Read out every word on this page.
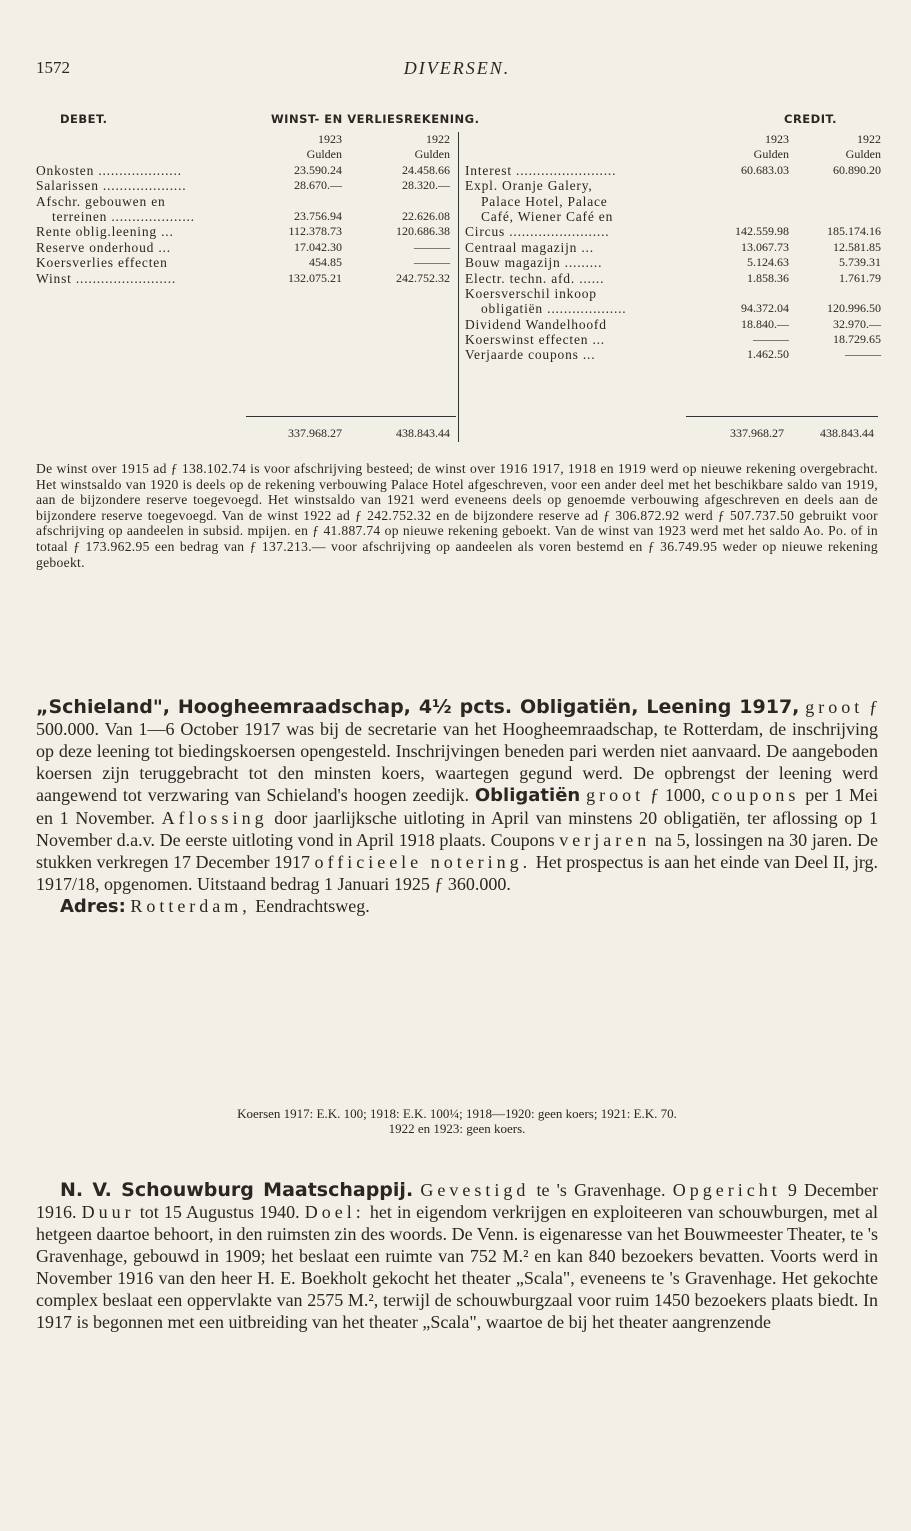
1572	DIVERSEN.
DEBET.	WINST- EN VERLIESREKENING.	CREDIT.
1923	1922
Gulden	Gulden
Onkosten ....................	23.590.24	24.458.66
Salarissen ....................	28.670.—	28.320.—
Afschr. gebouwen en
terreinen ....................	23.756.94	22.626.08
Rente oblig.leening ...	112.378.73	120.686.38
Reserve onderhoud ...	17.042.30	———
Koersverlies effecten	454.85	———
Winst ........................	132.075.21	242.752.32
1923	1922
Gulden	Gulden
Interest ........................	60.683.03	60.890.20
Expl. Oranje Galery,
Palace Hotel, Palace
Café, Wiener Café en
Circus ........................	142.559.98	185.174.16
Centraal magazijn ...	13.067.73	12.581.85
Bouw magazijn .........	5.124.63	5.739.31
Electr. techn. afd. ......	1.858.36	1.761.79
Koersverschil inkoop
obligatiën ...................	94.372.04	120.996.50
Dividend Wandelhoofd	18.840.—	32.970.—
Koerswinst effecten ...	———	18.729.65
Verjaarde coupons ...	1.462.50	———
337.968.27	438.843.44	337.968.27	438.843.44
De winst over 1915 ad ƒ 138.102.74 is voor afschrijving besteed; de winst over 1916 1917, 1918 en 1919 werd op nieuwe rekening overgebracht. Het winstsaldo van 1920 is deels op de rekening verbouwing Palace Hotel afgeschreven, voor een ander deel met het beschikbare saldo van 1919, aan de bijzondere reserve toegevoegd. Het winstsaldo van 1921 werd eveneens deels op genoemde verbouwing afgeschreven en deels aan de bijzondere reserve toegevoegd. Van de winst 1922 ad ƒ 242.752.32 en de bijzondere reserve ad ƒ 306.872.92 werd ƒ 507.737.50 gebruikt voor afschrijving op aandeelen in subsid. mpijen. en ƒ 41.887.74 op nieuwe rekening geboekt. Van de winst van 1923 werd met het saldo Ao. Po. of in totaal ƒ 173.962.95 een bedrag van ƒ 137.213.— voor afschrijving op aandeelen als voren bestemd en ƒ 36.749.95 weder op nieuwe rekening geboekt.
„Schieland", Hoogheemraadschap, 4½ pcts. Obligatiën, Leening 1917, groot ƒ 500.000. Van 1—6 October 1917 was bij de secretarie van het Hoogheemraadschap, te Rotterdam, de inschrijving op deze leening tot biedingskoersen opengesteld. Inschrijvingen beneden pari werden niet aanvaard. De aangeboden koersen zijn teruggebracht tot den minsten koers, waartegen gegund werd. De opbrengst der leening werd aangewend tot verzwaring van Schieland's hoogen zeedijk. Obligatiën groot ƒ 1000, coupons per 1 Mei en 1 November. Aflossing door jaarlijksche uitloting in April van minstens 20 obligatiën, ter aflossing op 1 November d.a.v. De eerste uitloting vond in April 1918 plaats. Coupons verjaren na 5, lossingen na 30 jaren. De stukken verkregen 17 December 1917 officieele notering. Het prospectus is aan het einde van Deel II, jrg. 1917/18, opgenomen. Uitstaand bedrag 1 Januari 1925 ƒ 360.000.
Adres: Rotterdam, Eendrachtsweg.
Koersen 1917: E.K. 100; 1918: E.K. 100¼; 1918—1920: geen koers; 1921: E.K. 70.
1922 en 1923: geen koers.
N. V. Schouwburg Maatschappij. Gevestigd te 's Gravenhage. Opgericht 9 December 1916. Duur tot 15 Augustus 1940. Doel: het in eigendom verkrijgen en exploiteeren van schouwburgen, met al hetgeen daartoe behoort, in den ruimsten zin des woords. De Venn. is eigenaresse van het Bouwmeester Theater, te 's Gravenhage, gebouwd in 1909; het beslaat een ruimte van 752 M.² en kan 840 bezoekers bevatten. Voorts werd in November 1916 van den heer H. E. Boekholt gekocht het theater „Scala", eveneens te 's Gravenhage. Het gekochte complex beslaat een oppervlakte van 2575 M.², terwijl de schouwburgzaal voor ruim 1450 bezoekers plaats biedt. In 1917 is begonnen met een uitbreiding van het theater „Scala", waartoe de bij het theater aangrenzende
